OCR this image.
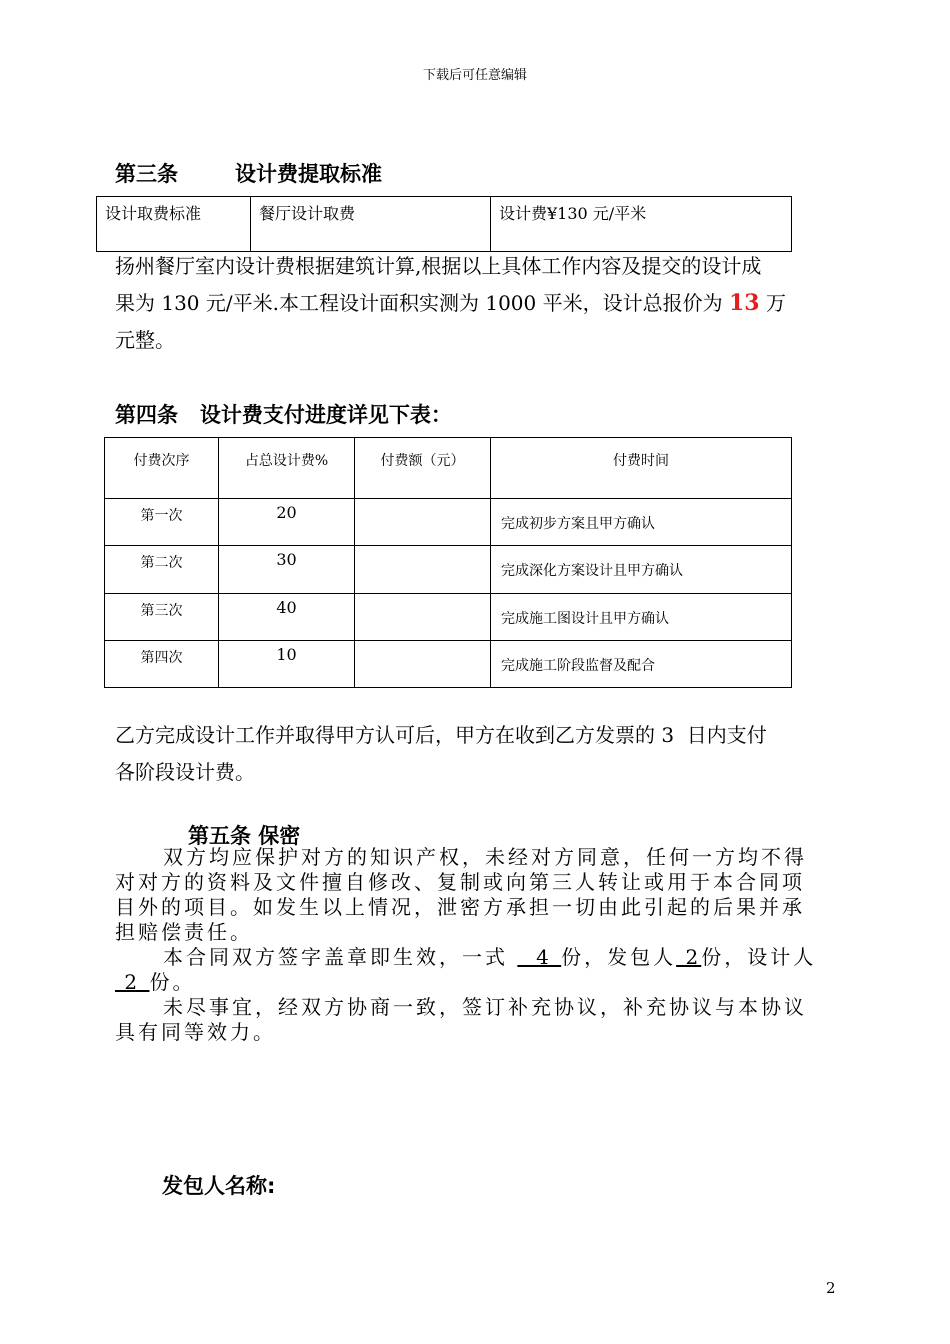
下载后可任意编辑
第三条	设计费提取标准
设计取费标准	餐厅设计取费	设计费¥130 元/平米
扬州餐厅室内设计费根据建筑计算,根据以上具体工作内容及提交的设计成
果为 130 元/平米.本工程设计面积实测为 1000 平米，设计总报价为 13 万
元整。
第四条   设计费支付进度详见下表：
付费次序	占总设计费%	付费额（元）	付费时间
第一次	20		完成初步方案且甲方确认
第二次	30		完成深化方案设计且甲方确认
第三次	40		完成施工图设计且甲方确认
第四次	10		完成施工阶段监督及配合
乙方完成设计工作并取得甲方认可后，甲方在收到乙方发票的 3  日内支付
各阶段设计费。
第五条 保密
双方均应保护对方的知识产权，未经对方同意，任何一方均不得
对对方的资料及文件擅自修改、复制或向第三人转让或用于本合同项
目外的项目。如发生以上情况，泄密方承担一切由此引起的后果并承
担赔偿责任。
本合同双方签字盖章即生效，一式   4 份，发包人 2份，设计人
2 份。
未尽事宜，经双方协商一致，签订补充协议，补充协议与本协议
具有同等效力。
发包人名称:
2
